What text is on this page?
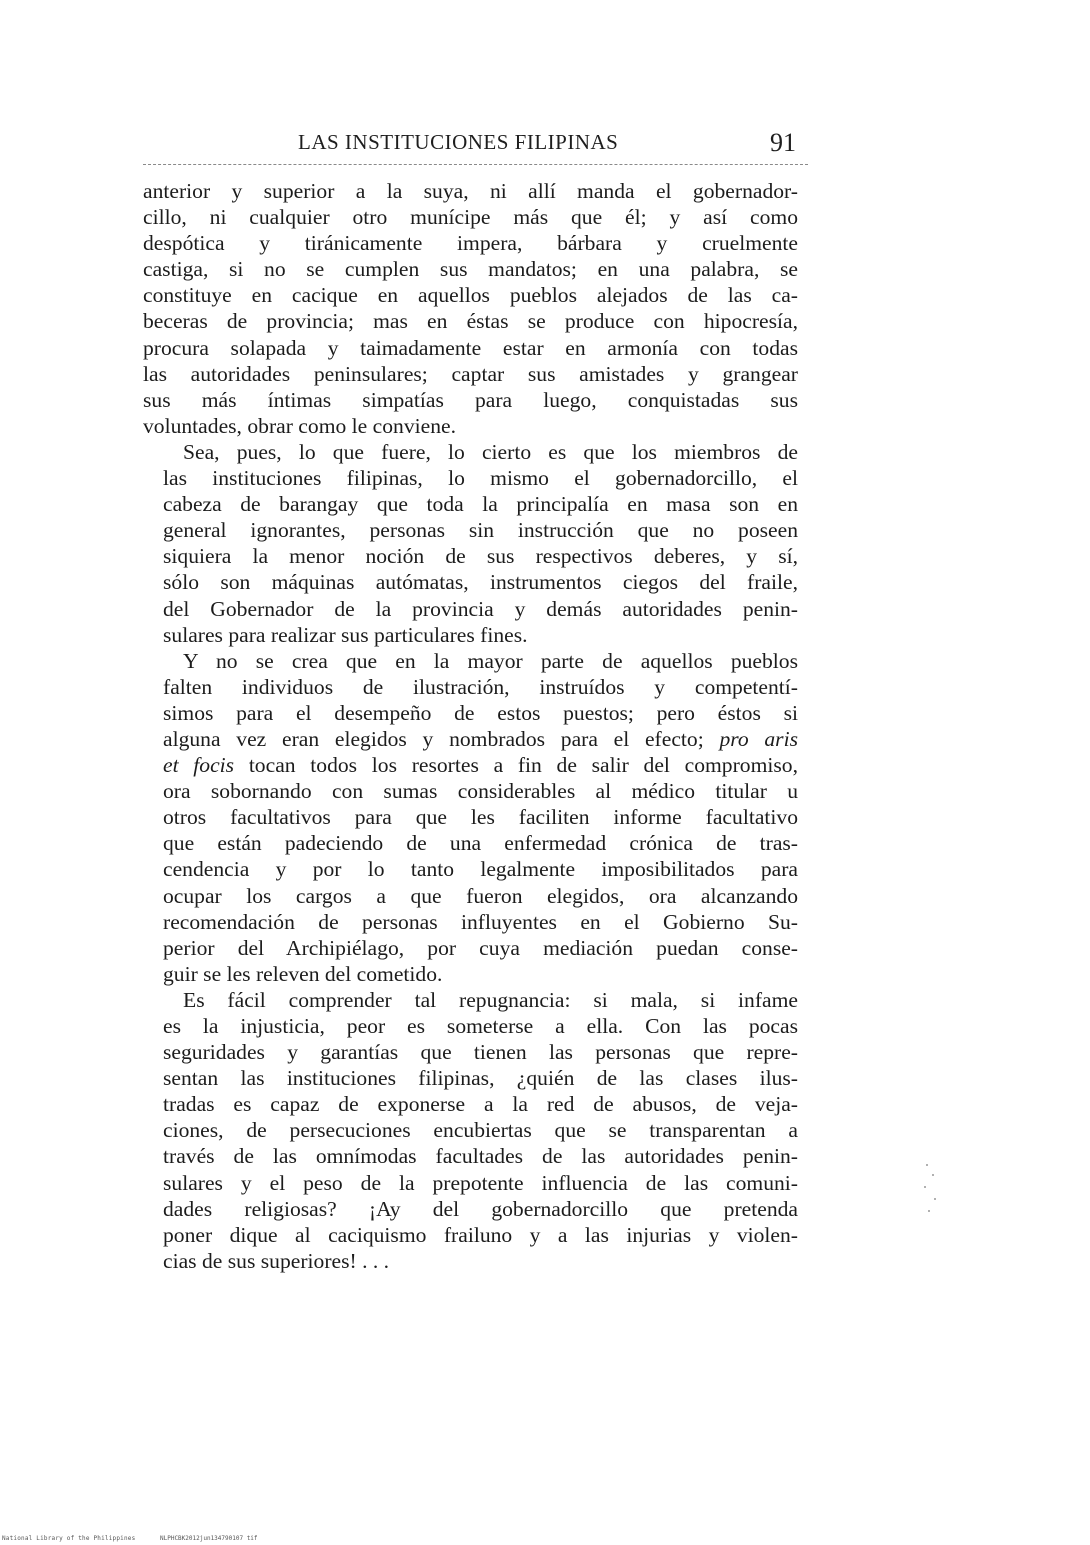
LAS INSTITUCIONES FILIPINAS	91
anterior y superior a la suya, ni allí manda el gobernador-
cillo, ni cualquier otro munícipe más que él; y así como
despótica y tiránicamente impera, bárbara y cruelmente
castiga, si no se cumplen sus mandatos; en una palabra, se
constituye en cacique en aquellos pueblos alejados de las ca-
beceras de provincia; mas en éstas se produce con hipocresía,
procura solapada y taimadamente estar en armonía con todas
las autoridades peninsulares; captar sus amistades y grangear
sus más íntimas simpatías para luego, conquistadas sus
voluntades, obrar como le conviene.
Sea, pues, lo que fuere, lo cierto es que los miembros de
las instituciones filipinas, lo mismo el gobernadorcillo, el
cabeza de barangay que toda la principalía en masa son en
general ignorantes, personas sin instrucción que no poseen
siquiera la menor noción de sus respectivos deberes, y sí,
sólo son máquinas autómatas, instrumentos ciegos del fraile,
del Gobernador de la provincia y demás autoridades penin-
sulares para realizar sus particulares fines.
Y no se crea que en la mayor parte de aquellos pueblos
falten individuos de ilustración, instruídos y competentí-
simos para el desempeño de estos puestos; pero éstos si
alguna vez eran elegidos y nombrados para el efecto; pro aris
et focis tocan todos los resortes a fin de salir del compromiso,
ora sobornando con sumas considerables al médico titular u
otros facultativos para que les faciliten informe facultativo
que están padeciendo de una enfermedad crónica de tras-
cendencia y por lo tanto legalmente imposibilitados para
ocupar los cargos a que fueron elegidos, ora alcanzando
recomendación de personas influyentes en el Gobierno Su-
perior del Archipiélago, por cuya mediación puedan conse-
guir se les releven del cometido.
Es fácil comprender tal repugnancia: si mala, si infame
es la injusticia, peor es someterse a ella. Con las pocas
seguridades y garantías que tienen las personas que repre-
sentan las instituciones filipinas, ¿quién de las clases ilus-
tradas es capaz de exponerse a la red de abusos, de veja-
ciones, de persecuciones encubiertas que se transparentan a
través de las omnímodas facultades de las autoridades penin-
sulares y el peso de la prepotente influencia de las comuni-
dades religiosas? ¡Ay del gobernadorcillo que pretenda
poner dique al caciquismo frailuno y a las injurias y violen-
cias de sus superiores! . . .
National Library of the Philippines	NLPHCBK2012jun134790107 tif
